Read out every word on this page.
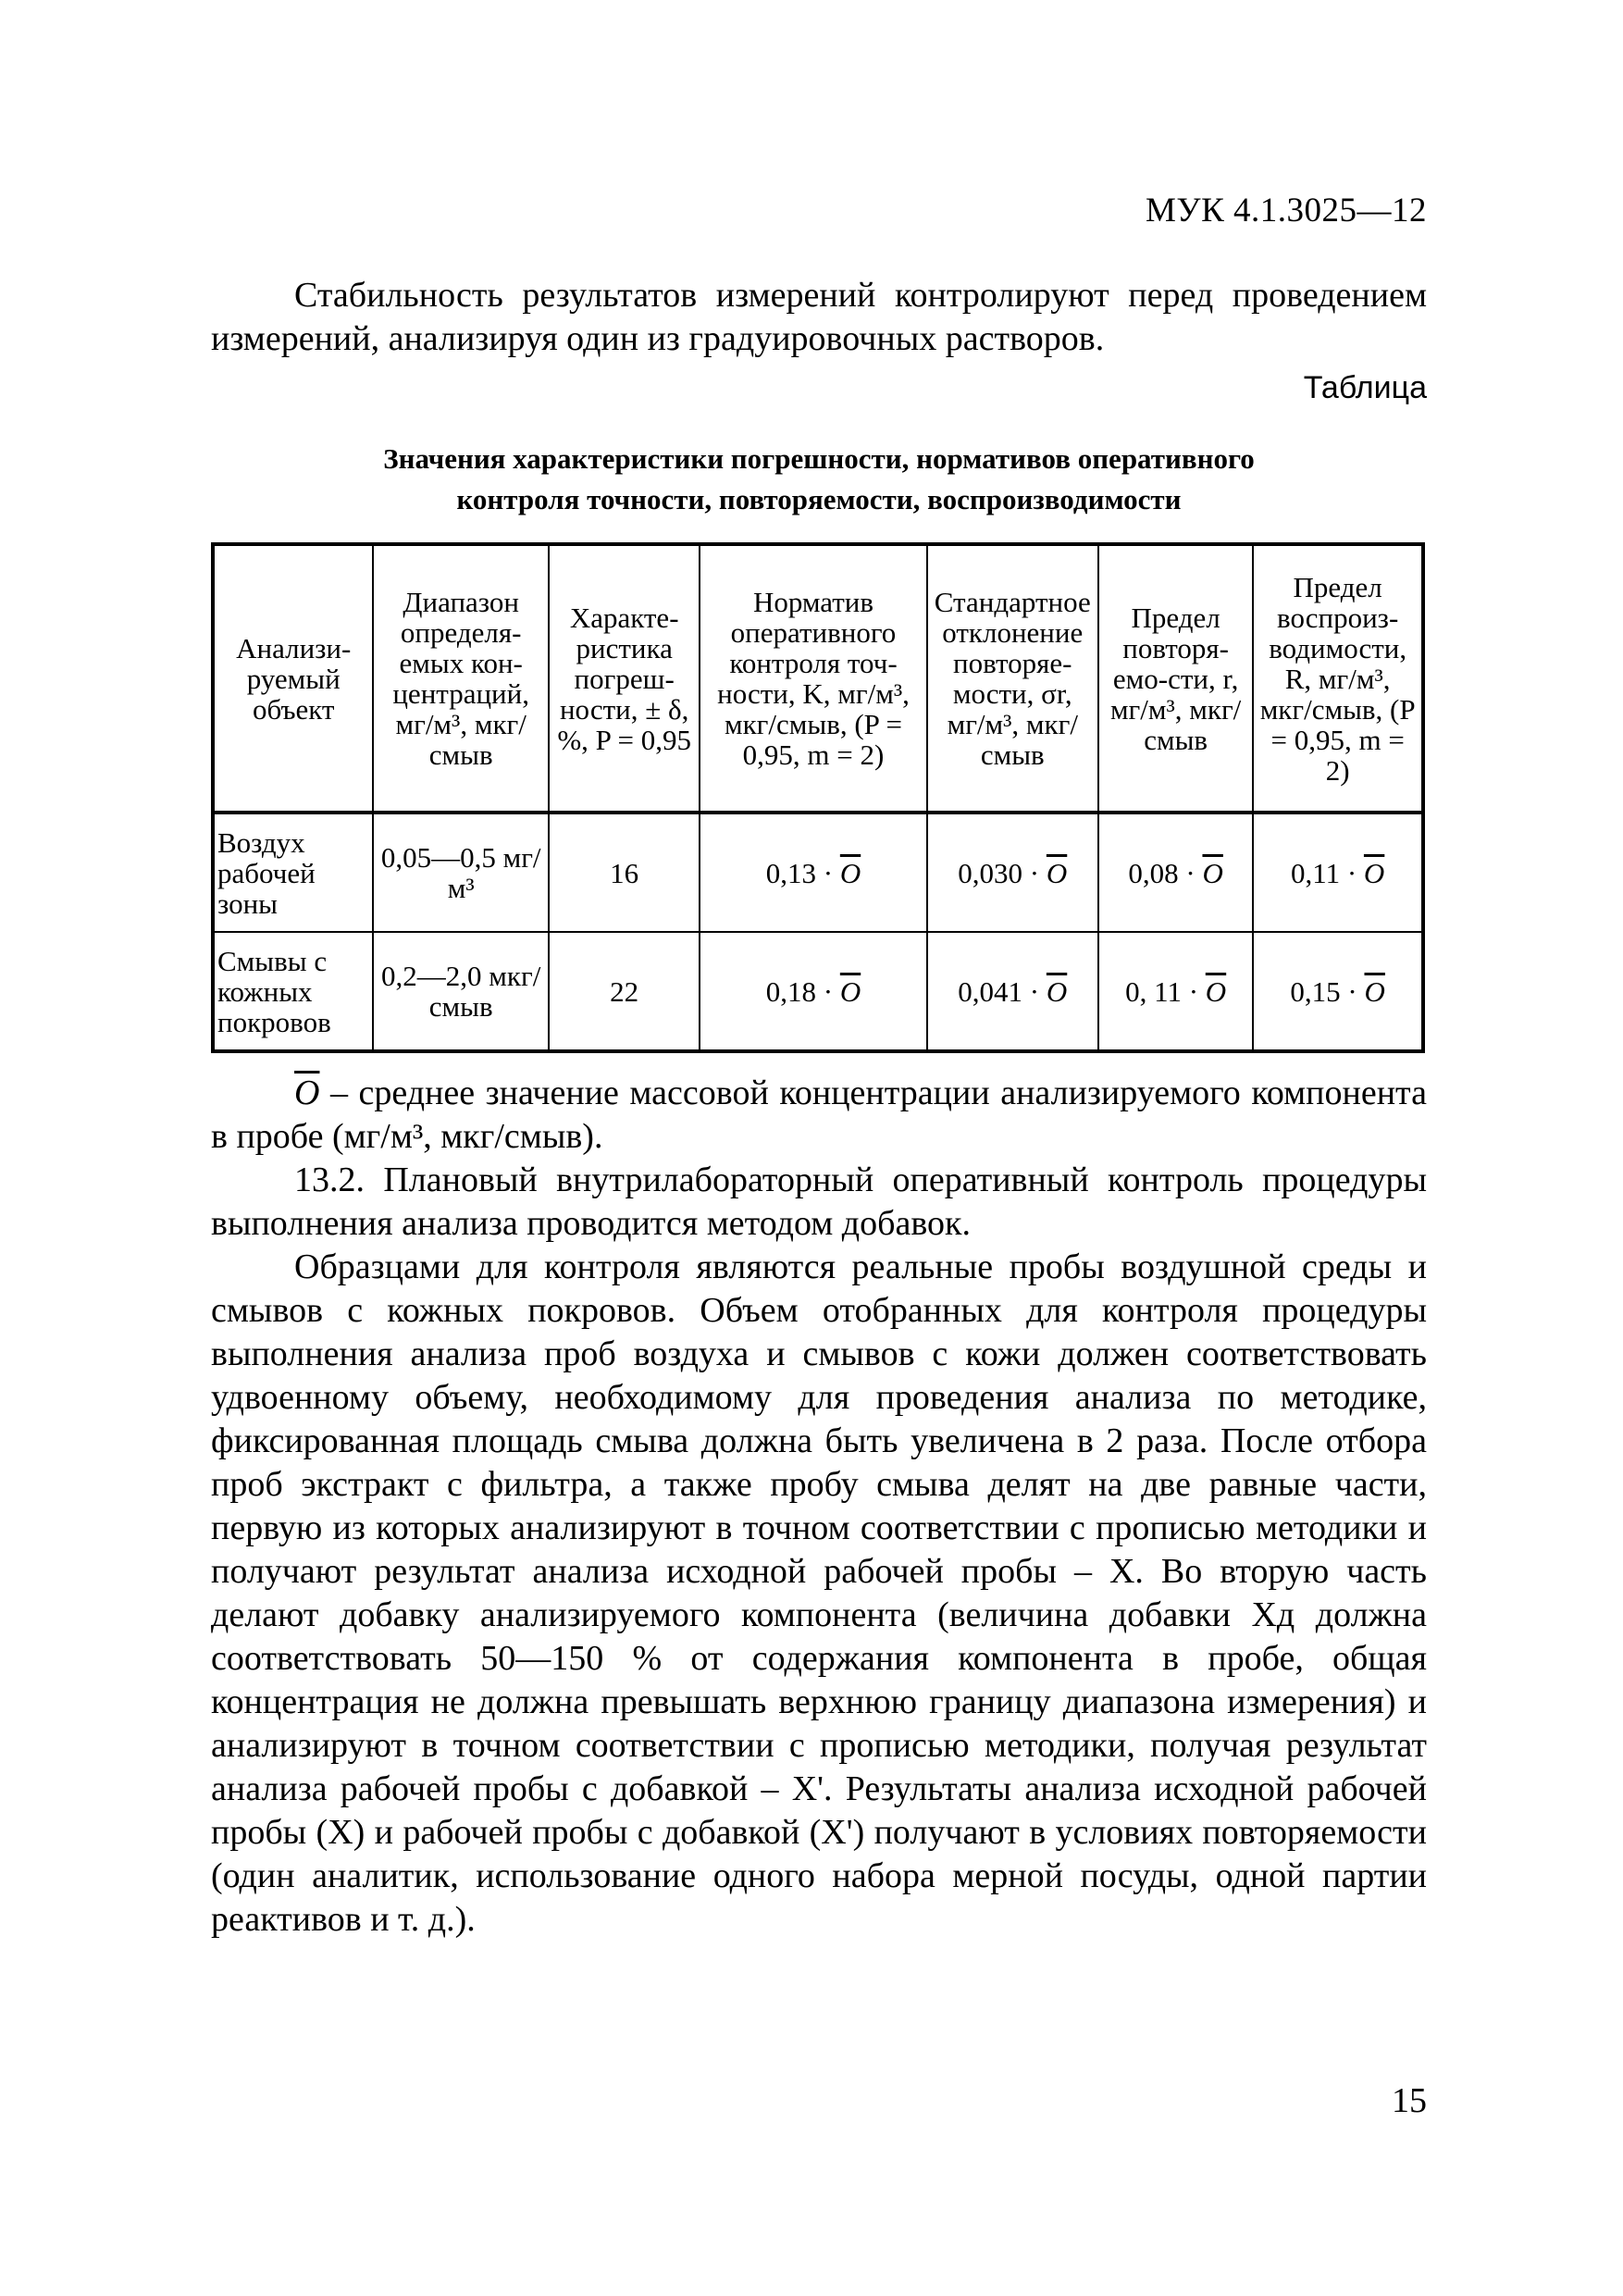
МУК 4.1.3025—12

Стабильность результатов измерений контролируют перед проведением измерений, анализируя один из градуировочных растворов.

Таблица
Значения характеристики погрешности, нормативов оперативного
контроля точности, повторяемости, воспроизводимости
Анализируемый объект	Диапазон определяемых концентраций, мг/м³, мкг/смыв	Характеристика погрешности, ± δ, %, P = 0,95	Норматив оперативного контроля точности, K, мг/м³, мкг/смыв, (P = 0,95, m = 2)	Стандартное отклонение повторяемости, σr, мг/м³, мкг/смыв	Предел повторяемо-сти, r, мг/м³, мкг/смыв	Предел воспроизводимости, R, мг/м³, мкг/смыв, (P = 0,95, m = 2)
Воздух рабочей зоны	0,05—0,5 мг/м³	16	$0,13 \cdot \overline{O}$	$0,030 \cdot \overline{O}$	$0,08 \cdot \overline{O}$	$0,11 \cdot \overline{O}$
Смывы с кожных покровов	0,2—2,0 мкг/смыв	22	$0,18 \cdot \overline{O}$	$0,041 \cdot \overline{O}$	0, $11 \cdot \overline{O}$	$0,15 \cdot \overline{O}$

$\overline{O}$ – среднее значение массовой концентрации анализируемого компонента в пробе (мг/м³, мкг/смыв).

13.2. Плановый внутрилабораторный оперативный контроль процедуры выполнения анализа проводится методом добавок.

Образцами для контроля являются реальные пробы воздушной среды и смывов с кожных покровов. Объем отобранных для контроля процедуры выполнения анализа проб воздуха и смывов с кожи должен соответствовать удвоенному объему, необходимому для проведения анализа по методике, фиксированная площадь смыва должна быть увеличена в 2 раза. После отбора проб экстракт с фильтра, а также пробу смыва делят на две равные части, первую из которых анализируют в точном соответствии с прописью методики и получают результат анализа исходной рабочей пробы – X. Во вторую часть делают добавку анализируемого компонента (величина добавки Xд должна соответствовать 50—150 % от содержания компонента в пробе, общая концентрация не должна превышать верхнюю границу диапазона измерения) и анализируют в точном соответствии с прописью методики, получая результат анализа рабочей пробы с добавкой – X'. Результаты анализа исходной рабочей пробы (X) и рабочей пробы с добавкой (X') получают в условиях повторяемости (один аналитик, использование одного набора мерной посуды, одной партии реактивов и т. д.).

15
